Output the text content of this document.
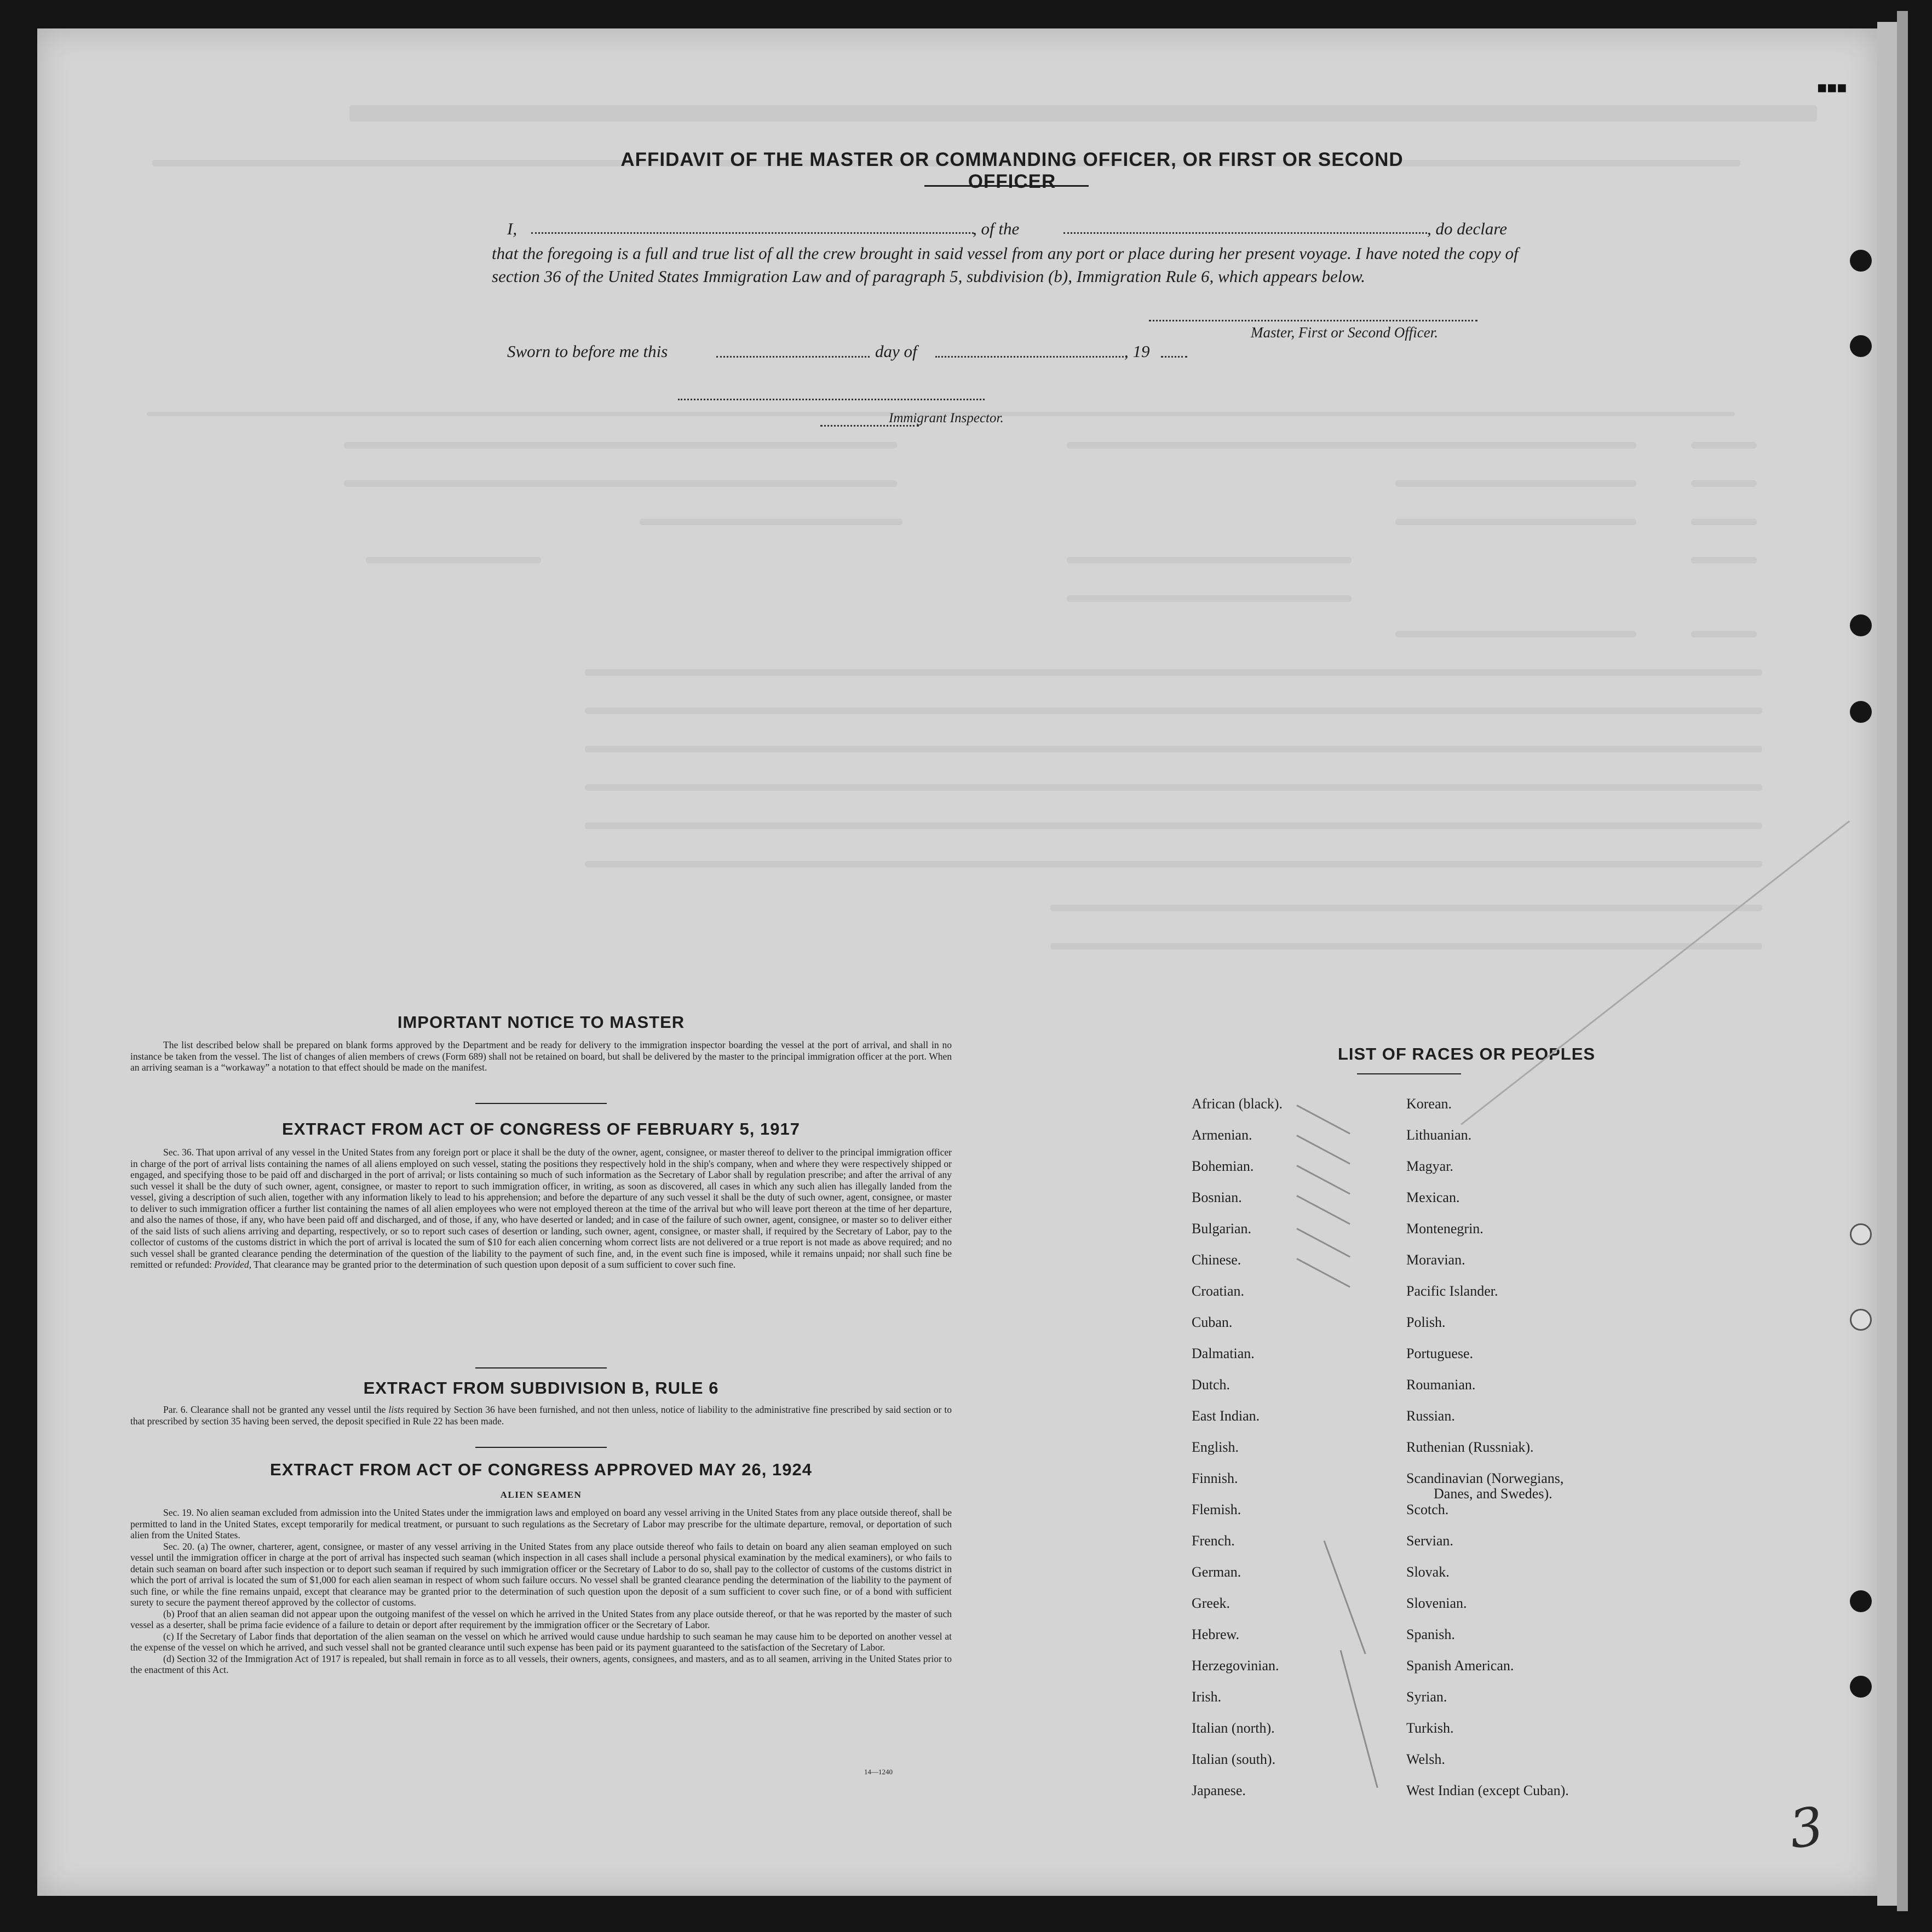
AFFIDAVIT OF THE MASTER OR COMMANDING OFFICER, OR FIRST OR SECOND OFFICER
I,	, of the	, do declare
that the foregoing is a full and true list of all the crew brought in said vessel from any port or place during her present voyage. I have noted the copy of section 36 of the United States Immigration Law and of paragraph 5, subdivision (b), Immigration Rule 6, which appears below.
Master, First or Second Officer.
Sworn to before me this	day of	, 19
Immigrant Inspector.
IMPORTANT NOTICE TO MASTER
The list described below shall be prepared on blank forms approved by the Department and be ready for delivery to the immigration inspector boarding the vessel at the port of arrival, and shall in no instance be taken from the vessel. The list of changes of alien members of crews (Form 689) shall not be retained on board, but shall be delivered by the master to the principal immigration officer at the port. When an arriving seaman is a “workaway” a notation to that effect should be made on the manifest.
EXTRACT FROM ACT OF CONGRESS OF FEBRUARY 5, 1917
Sec. 36. That upon arrival of any vessel in the United States from any foreign port or place it shall be the duty of the owner, agent, consignee, or master thereof to deliver to the principal immigration officer in charge of the port of arrival lists containing the names of all aliens employed on such vessel, stating the positions they respectively hold in the ship's company, when and where they were respectively shipped or engaged, and specifying those to be paid off and discharged in the port of arrival; or lists containing so much of such information as the Secretary of Labor shall by regulation prescribe; and after the arrival of any such vessel it shall be the duty of such owner, agent, consignee, or master to report to such immigration officer, in writing, as soon as discovered, all cases in which any such alien has illegally landed from the vessel, giving a description of such alien, together with any information likely to lead to his apprehension; and before the departure of any such vessel it shall be the duty of such owner, agent, consignee, or master to deliver to such immigration officer a further list containing the names of all alien employees who were not employed thereon at the time of the arrival but who will leave port thereon at the time of her departure, and also the names of those, if any, who have been paid off and discharged, and of those, if any, who have deserted or landed; and in case of the failure of such owner, agent, consignee, or master so to deliver either of the said lists of such aliens arriving and departing, respectively, or so to report such cases of desertion or landing, such owner, agent, consignee, or master shall, if required by the Secretary of Labor, pay to the collector of customs of the customs district in which the port of arrival is located the sum of $10 for each alien concerning whom correct lists are not delivered or a true report is not made as above required; and no such vessel shall be granted clearance pending the determination of the question of the liability to the payment of such fine, and, in the event such fine is imposed, while it remains unpaid; nor shall such fine be remitted or refunded: Provided, That clearance may be granted prior to the determination of such question upon deposit of a sum sufficient to cover such fine.
EXTRACT FROM SUBDIVISION B, RULE 6
Par. 6. Clearance shall not be granted any vessel until the lists required by Section 36 have been furnished, and not then unless, notice of liability to the administrative fine prescribed by said section or to that prescribed by section 35 having been served, the deposit specified in Rule 22 has been made.
EXTRACT FROM ACT OF CONGRESS APPROVED MAY 26, 1924
ALIEN SEAMEN
Sec. 19. No alien seaman excluded from admission into the United States under the immigration laws and employed on board any vessel arriving in the United States from any place outside thereof, shall be permitted to land in the United States, except temporarily for medical treatment, or pursuant to such regulations as the Secretary of Labor may prescribe for the ultimate departure, removal, or deportation of such alien from the United States.
Sec. 20. (a) The owner, charterer, agent, consignee, or master of any vessel arriving in the United States from any place outside thereof who fails to detain on board any alien seaman employed on such vessel until the immigration officer in charge at the port of arrival has inspected such seaman (which inspection in all cases shall include a personal physical examination by the medical examiners), or who fails to detain such seaman on board after such inspection or to deport such seaman if required by such immigration officer or the Secretary of Labor to do so, shall pay to the collector of customs of the customs district in which the port of arrival is located the sum of $1,000 for each alien seaman in respect of whom such failure occurs. No vessel shall be granted clearance pending the determination of the liability to the payment of such fine, or while the fine remains unpaid, except that clearance may be granted prior to the determination of such question upon the deposit of a sum sufficient to cover such fine, or of a bond with sufficient surety to secure the payment thereof approved by the collector of customs.
(b) Proof that an alien seaman did not appear upon the outgoing manifest of the vessel on which he arrived in the United States from any place outside thereof, or that he was reported by the master of such vessel as a deserter, shall be prima facie evidence of a failure to detain or deport after requirement by the immigration officer or the Secretary of Labor.
(c) If the Secretary of Labor finds that deportation of the alien seaman on the vessel on which he arrived would cause undue hardship to such seaman he may cause him to be deported on another vessel at the expense of the vessel on which he arrived, and such vessel shall not be granted clearance until such expense has been paid or its payment guaranteed to the satisfaction of the Secretary of Labor.
(d) Section 32 of the Immigration Act of 1917 is repealed, but shall remain in force as to all vessels, their owners, agents, consignees, and masters, and as to all seamen, arriving in the United States prior to the enactment of this Act.
14—1240
LIST OF RACES OR PEOPLES
3
■■■
African (black).
Armenian.
Bohemian.
Bosnian.
Bulgarian.
Chinese.
Croatian.
Cuban.
Dalmatian.
Dutch.
East Indian.
English.
Finnish.
Flemish.
French.
German.
Greek.
Hebrew.
Herzegovinian.
Irish.
Italian (north).
Italian (south).
Japanese.
Korean.
Lithuanian.
Magyar.
Mexican.
Montenegrin.
Moravian.
Pacific Islander.
Polish.
Portuguese.
Roumanian.
Russian.
Ruthenian (Russniak).
Scandinavian (Norwegians,
Danes, and Swedes).
Scotch.
Servian.
Slovak.
Slovenian.
Spanish.
Spanish American.
Syrian.
Turkish.
Welsh.
West Indian (except Cuban).
